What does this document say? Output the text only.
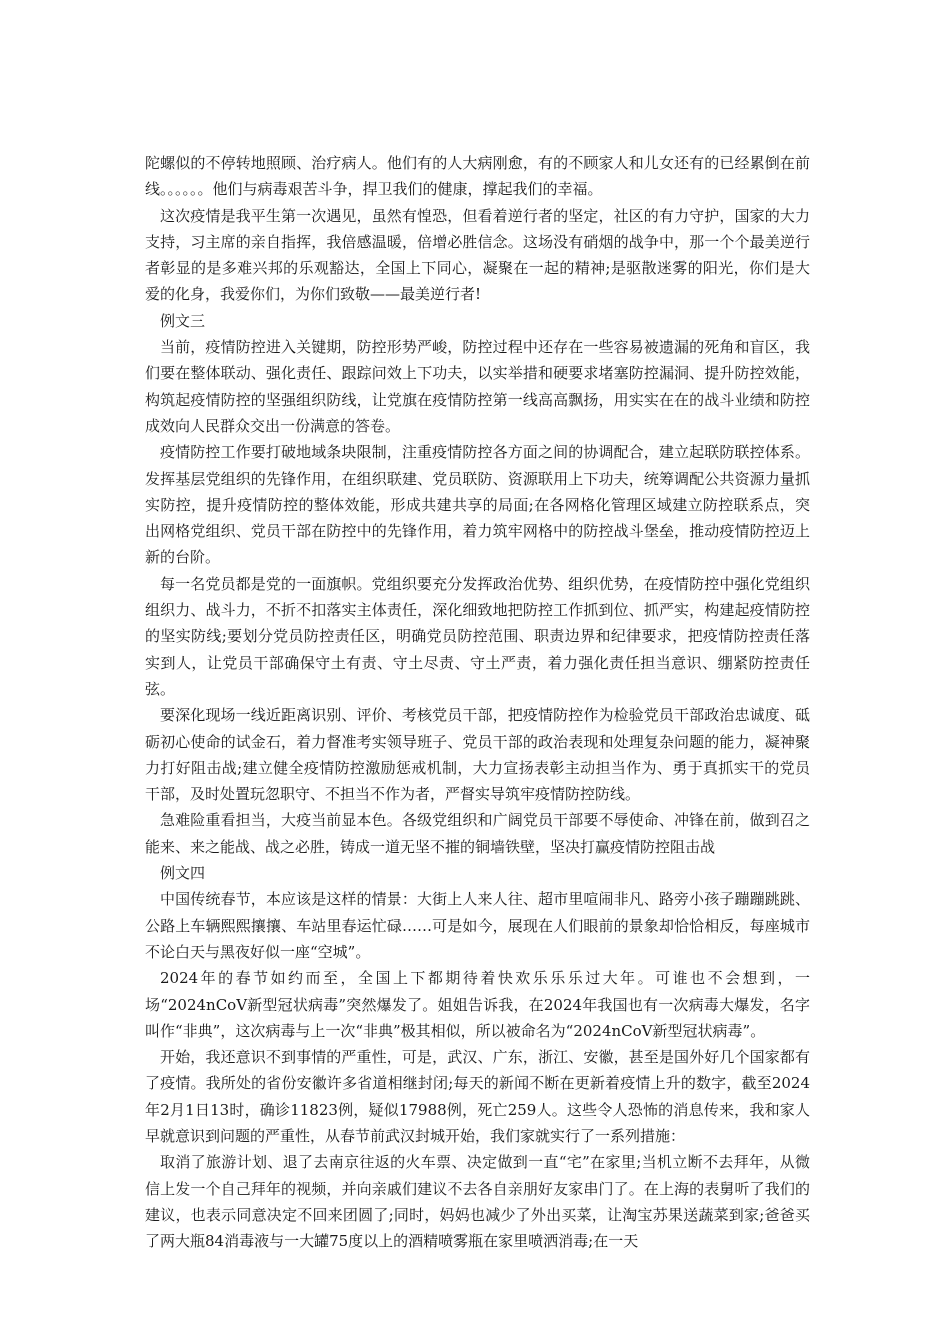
陀螺似的不停转地照顾、治疗病人。他们有的人大病刚愈，有的不顾家人和儿女还有的已经累倒在前线。。。。。。他们与病毒艰苦斗争，捍卫我们的健康，撑起我们的幸福。

这次疫情是我平生第一次遇见，虽然有惶恐，但看着逆行者的坚定，社区的有力守护，国家的大力支持，习主席的亲自指挥，我倍感温暖，倍增必胜信念。这场没有硝烟的战争中，那一个个最美逆行者彰显的是多难兴邦的乐观豁达，全国上下同心，凝聚在一起的精神;是驱散迷雾的阳光，你们是大爱的化身，我爱你们，为你们致敬——最美逆行者!

例文三

当前，疫情防控进入关键期，防控形势严峻，防控过程中还存在一些容易被遗漏的死角和盲区，我们要在整体联动、强化责任、跟踪问效上下功夫，以实举措和硬要求堵塞防控漏洞、提升防控效能，构筑起疫情防控的坚强组织防线，让党旗在疫情防控第一线高高飘扬，用实实在在的战斗业绩和防控成效向人民群众交出一份满意的答卷。

疫情防控工作要打破地域条块限制，注重疫情防控各方面之间的协调配合，建立起联防联控体系。发挥基层党组织的先锋作用，在组织联建、党员联防、资源联用上下功夫，统筹调配公共资源力量抓实防控，提升疫情防控的整体效能，形成共建共享的局面;在各网格化管理区域建立防控联系点，突出网格党组织、党员干部在防控中的先锋作用，着力筑牢网格中的防控战斗堡垒，推动疫情防控迈上新的台阶。

每一名党员都是党的一面旗帜。党组织要充分发挥政治优势、组织优势，在疫情防控中强化党组织组织力、战斗力，不折不扣落实主体责任，深化细致地把防控工作抓到位、抓严实，构建起疫情防控的坚实防线;要划分党员防控责任区，明确党员防控范围、职责边界和纪律要求，把疫情防控责任落实到人，让党员干部确保守土有责、守土尽责、守土严责，着力强化责任担当意识、绷紧防控责任弦。

要深化现场一线近距离识别、评价、考核党员干部，把疫情防控作为检验党员干部政治忠诚度、砥砺初心使命的试金石，着力督准考实领导班子、党员干部的政治表现和处理复杂问题的能力，凝神聚力打好阻击战;建立健全疫情防控激励惩戒机制，大力宣扬表彰主动担当作为、勇于真抓实干的党员干部，及时处置玩忽职守、不担当不作为者，严督实导筑牢疫情防控防线。

急难险重看担当，大疫当前显本色。各级党组织和广阔党员干部要不辱使命、冲锋在前，做到召之能来、来之能战、战之必胜，铸成一道无坚不摧的铜墙铁壁，坚决打赢疫情防控阻击战

例文四

中国传统春节，本应该是这样的情景：大街上人来人往、超市里喧闹非凡、路旁小孩子蹦蹦跳跳、公路上车辆熙熙攘攘、车站里春运忙碌……可是如今，展现在人们眼前的景象却恰恰相反，每座城市不论白天与黑夜好似一座“空城”。

2024年的春节如约而至，全国上下都期待着快欢乐乐乐过大年。可谁也不会想到，一场“2024nCoV新型冠状病毒”突然爆发了。姐姐告诉我，在2024年我国也有一次病毒大爆发，名字叫作“非典”，这次病毒与上一次“非典”极其相似，所以被命名为“2024nCoV新型冠状病毒”。

开始，我还意识不到事情的严重性，可是，武汉、广东，浙江、安徽，甚至是国外好几个国家都有了疫情。我所处的省份安徽许多省道相继封闭;每天的新闻不断在更新着疫情上升的数字，截至2024年2月1日13时，确诊11823例，疑似17988例，死亡259人。这些令人恐怖的消息传来，我和家人早就意识到问题的严重性，从春节前武汉封城开始，我们家就实行了一系列措施：

取消了旅游计划、退了去南京往返的火车票、决定做到一直“宅”在家里;当机立断不去拜年，从微信上发一个自己拜年的视频，并向亲戚们建议不去各自亲朋好友家串门了。在上海的表舅听了我们的建议，也表示同意决定不回来团圆了;同时，妈妈也减少了外出买菜，让淘宝苏果送蔬菜到家;爸爸买了两大瓶84消毒液与一大罐75度以上的酒精喷雾瓶在家里喷洒消毒;在一天
